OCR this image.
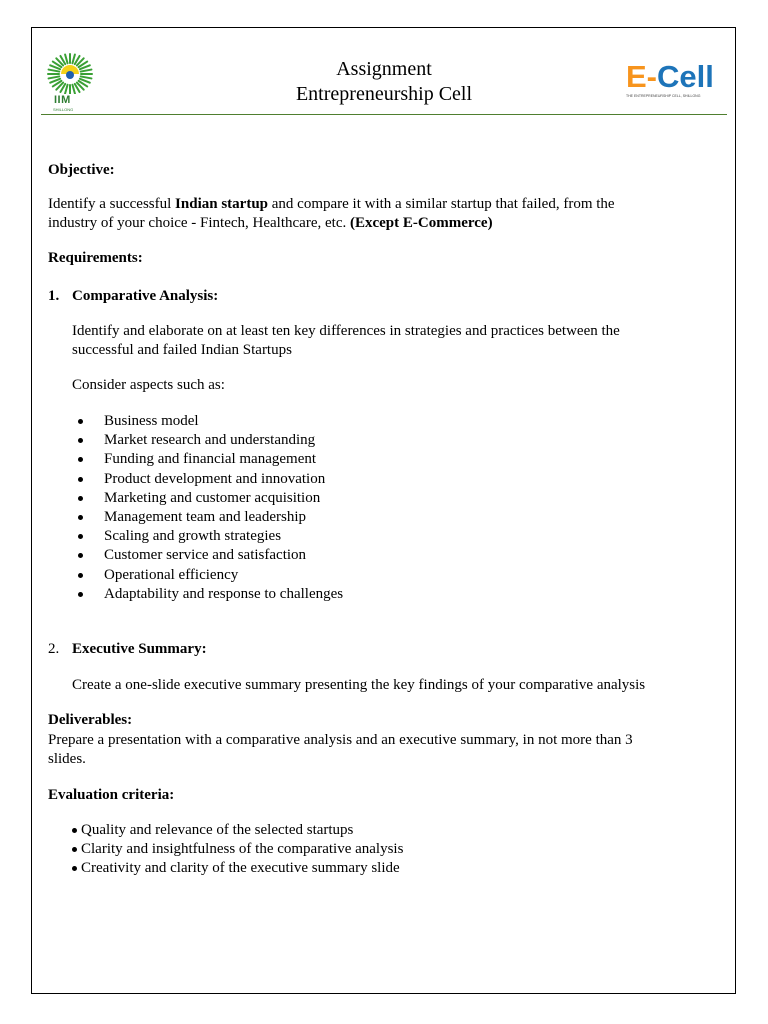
IIM
SHILLONG
Assignment
Entrepreneurship Cell	E-Cell
THE ENTREPRENEURSHIP CELL, SHILLONG
Objective:
Identify a successful Indian startup and compare it with a similar startup that failed, from the
industry of your choice - Fintech, Healthcare, etc. (Except E-Commerce)
Requirements:
1. Comparative Analysis:
Identify and elaborate on at least ten key differences in strategies and practices between the
successful and failed Indian Startups
Consider aspects such as:
Business model
Market research and understanding
Funding and financial management
Product development and innovation
Marketing and customer acquisition
Management team and leadership
Scaling and growth strategies
Customer service and satisfaction
Operational efficiency
Adaptability and response to challenges
2. Executive Summary:
Create a one-slide executive summary presenting the key findings of your comparative analysis
Deliverables:
Prepare a presentation with a comparative analysis and an executive summary, in not more than 3
slides.
Evaluation criteria:
Quality and relevance of the selected startups
Clarity and insightfulness of the comparative analysis
Creativity and clarity of the executive summary slide
